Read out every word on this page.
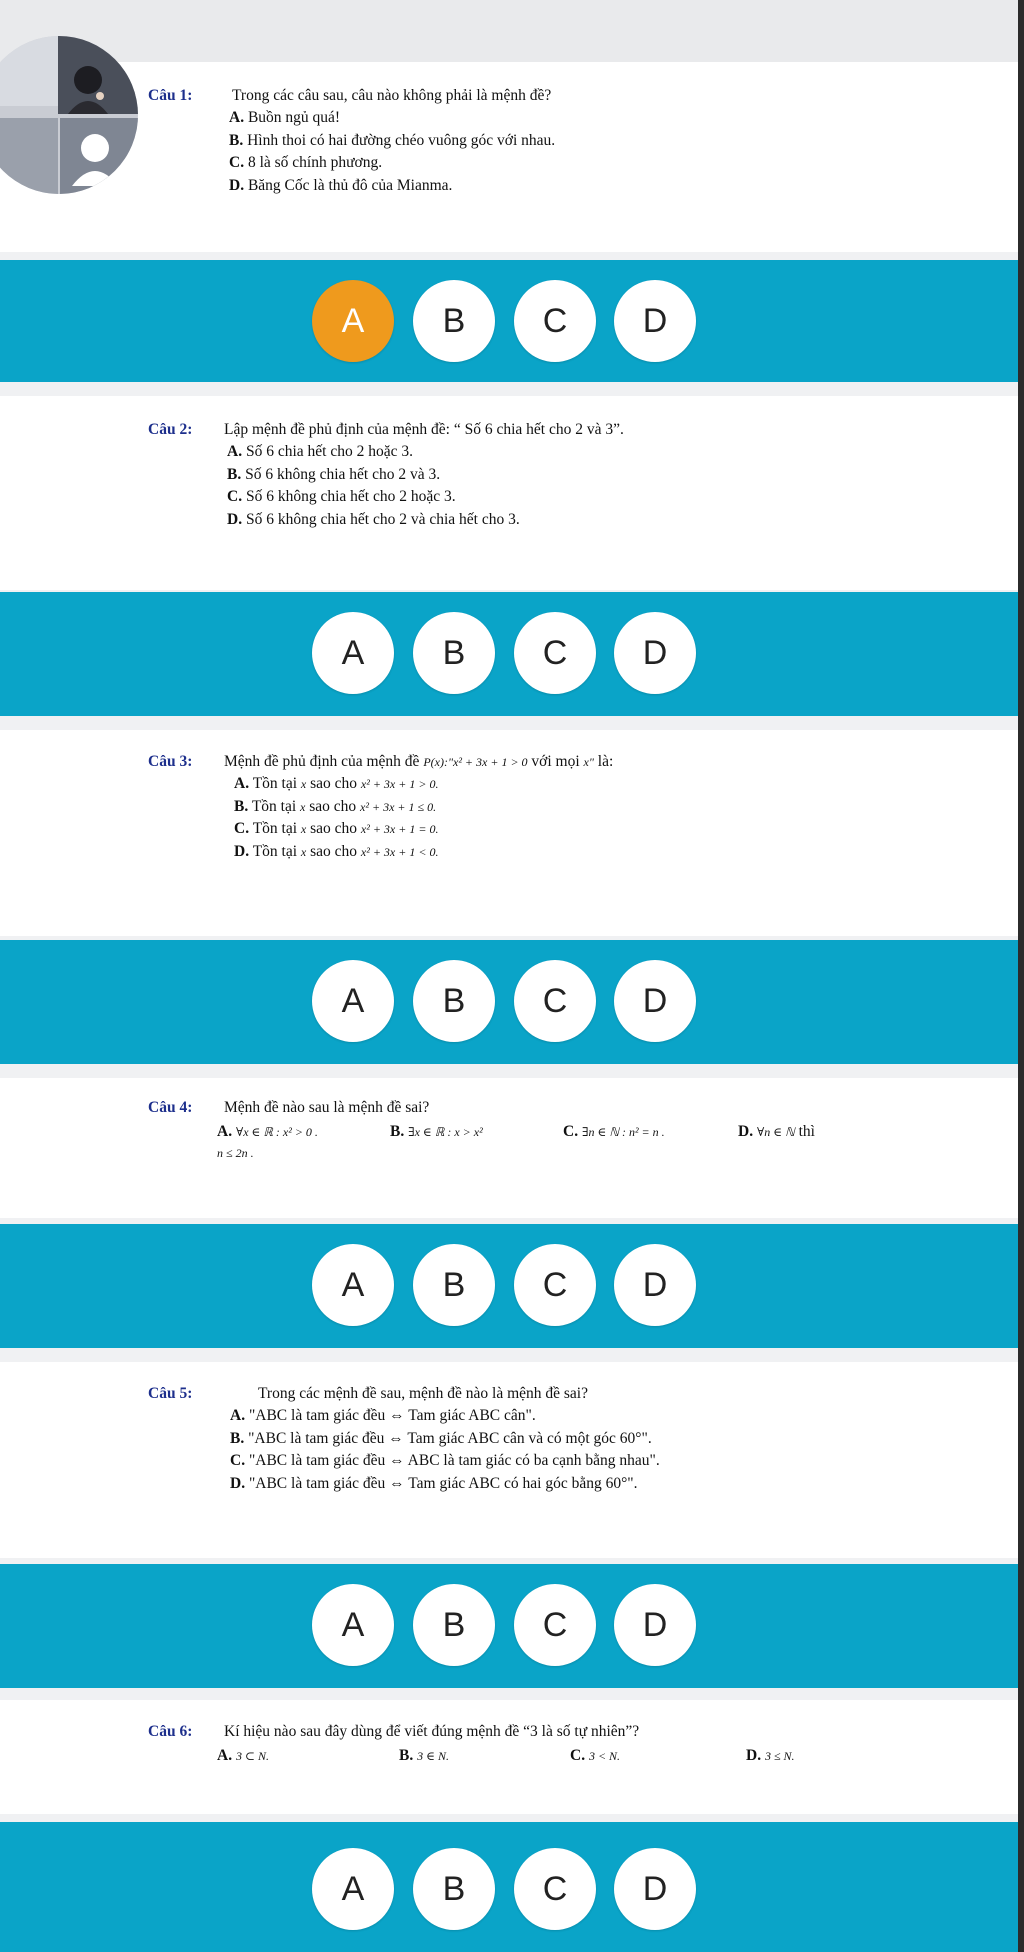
Câu 1:	Trong các câu sau, câu nào không phải là mệnh đề?
A. Buồn ngủ quá!
B. Hình thoi có hai đường chéo vuông góc với nhau.
C. 8 là số chính phương.
D. Băng Cốc là thủ đô của Mianma.
A	B	C	D
Câu 2: Lập mệnh đề phủ định của mệnh đề: “ Số 6 chia hết cho 2 và 3”.
A. Số 6 chia hết cho 2 hoặc 3.
B. Số 6 không chia hết cho 2 và 3.
C. Số 6 không chia hết cho 2 hoặc 3.
D. Số 6 không chia hết cho 2 và chia hết cho 3.
A	B	C	D
Câu 3: Mệnh đề phủ định của mệnh đề P(x):"x² + 3x + 1 > 0 với mọi x" là:
A. Tồn tại x sao cho x² + 3x + 1 > 0.
B. Tồn tại x sao cho x² + 3x + 1 ≤ 0.
C. Tồn tại x sao cho x² + 3x + 1 = 0.
D. Tồn tại x sao cho x² + 3x + 1 < 0.
A	B	C	D
Câu 4: Mệnh đề nào sau là mệnh đề sai?
A. ∀x ∈ ℝ : x² > 0 .	B. ∃x ∈ ℝ : x > x²	C. ∃n ∈ ℕ : n² = n .	D. ∀n ∈ ℕ thì
n ≤ 2n .
A	B	C	D
Câu 5:	Trong các mệnh đề sau, mệnh đề nào là mệnh đề sai?
A. "ABC là tam giác đều ⇔ Tam giác ABC cân".
B. "ABC là tam giác đều ⇔ Tam giác ABC cân và có một góc 60°".
C. "ABC là tam giác đều ⇔ ABC là tam giác có ba cạnh bằng nhau".
D. "ABC là tam giác đều ⇔ Tam giác ABC có hai góc bằng 60°".
A	B	C	D
Câu 6: Kí hiệu nào sau đây dùng để viết đúng mệnh đề “3 là số tự nhiên”?
A. 3 ⊂ N.	B. 3 ∈ N.	C. 3 < N.	D. 3 ≤ N.
A	B	C	D
